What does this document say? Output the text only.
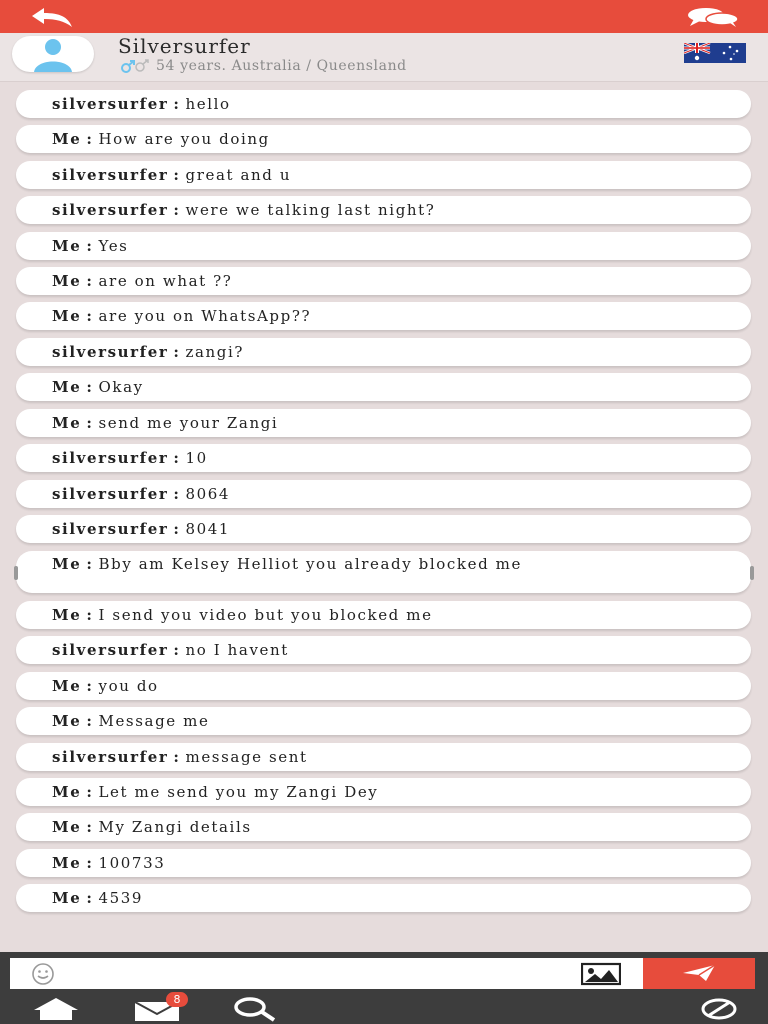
Silversurfer
54 years. Australia / Queensland
silversurfer : hello
Me : How are you doing
silversurfer : great and u
silversurfer : were we talking last night?
Me : Yes
Me : are on what ??
Me : are you on WhatsApp??
silversurfer : zangi?
Me : Okay
Me : send me your Zangi
silversurfer : 10
silversurfer : 8064
silversurfer : 8041
Me : Bby am Kelsey Helliot you already blocked me
Me : I send you video but you blocked me
silversurfer : no I havent
Me : you do
Me : Message me
silversurfer : message sent
Me : Let me send you my Zangi Dey
Me : My Zangi details
Me : 100733
Me : 4539
8
